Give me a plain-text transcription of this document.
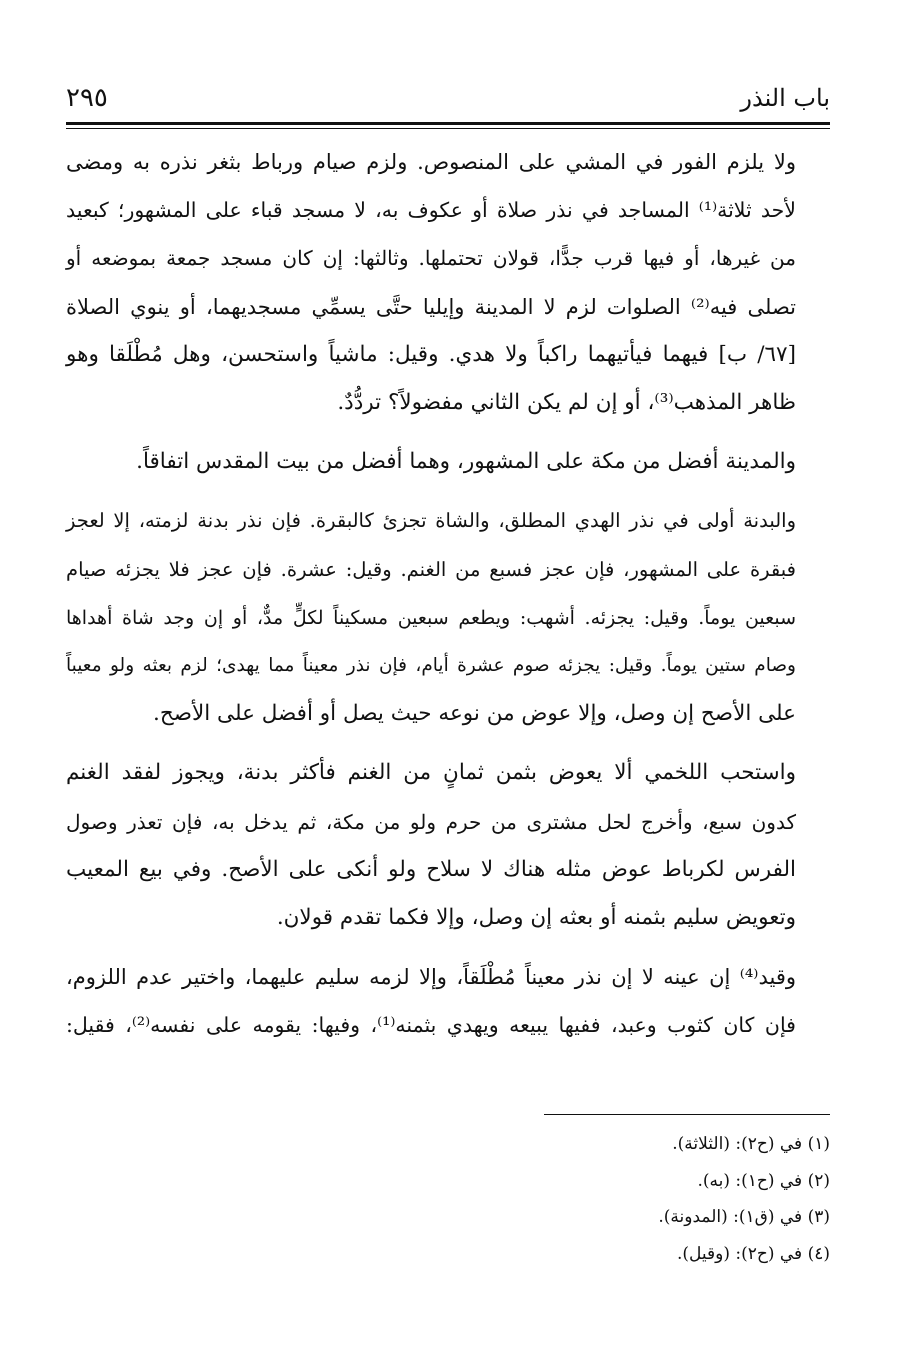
باب النذر
٢٩٥

ولا يلزم الفور في المشي على المنصوص. ولزم صيام ورباط بثغر نذره به ومضى
لأحد ثلاثة⁽¹⁾ المساجد في نذر صلاة أو عكوف به، لا مسجد قباء على المشهور؛ كبعيد
من غيرها، أو فيها قرب جدًّا، قولان تحتملها. وثالثها: إن كان مسجد جمعة بموضعه أو
تصلى فيه⁽²⁾ الصلوات لزم لا المدينة وإيليا حتَّى يسمِّي مسجديهما، أو ينوي الصلاة
[٦٧/ ب] فيهما فيأتيهما راكباً ولا هدي. وقيل: ماشياً واستحسن، وهل مُطْلَقا وهو
ظاهر المذهب⁽³⁾، أو إن لم يكن الثاني مفضولاً؟ تردُّدٌ.

والمدينة أفضل من مكة على المشهور، وهما أفضل من بيت المقدس اتفاقاً.

والبدنة أولى في نذر الهدي المطلق، والشاة تجزئ كالبقرة. فإن نذر بدنة لزمته، إلا لعجز
فبقرة على المشهور، فإن عجز فسبع من الغنم. وقيل: عشرة. فإن عجز فلا يجزئه صيام
سبعين يوماً. وقيل: يجزئه. أشهب: ويطعم سبعين مسكيناً لكلٍّ مدٌّ، أو إن وجد شاة أهداها
وصام ستين يوماً. وقيل: يجزئه صوم عشرة أيام، فإن نذر معيناً مما يهدى؛ لزم بعثه ولو معيباً
على الأصح إن وصل، وإلا عوض من نوعه حيث يصل أو أفضل على الأصح.

واستحب اللخمي ألا يعوض بثمن ثمانٍ من الغنم فأكثر بدنة، ويجوز لفقد الغنم
كدون سبع، وأخرج لحل مشترى من حرم ولو من مكة، ثم يدخل به، فإن تعذر وصول
الفرس لكرباط عوض مثله هناك لا سلاح ولو أنكى على الأصح. وفي بيع المعيب
وتعويض سليم بثمنه أو بعثه إن وصل، وإلا فكما تقدم قولان.

وقيد⁽⁴⁾ إن عينه لا إن نذر معيناً مُطْلَقاً، وإلا لزمه سليم عليهما، واختير عدم اللزوم،
فإن كان كثوب وعبد، ففيها يبيعه ويهدي بثمنه⁽¹⁾، وفيها: يقومه على نفسه⁽²⁾، فقيل:

(١) في (ح٢): (الثلاثة).
(٢) في (ح١): (به).
(٣) في (ق١): (المدونة).
(٤) في (ح٢): (وقيل).
